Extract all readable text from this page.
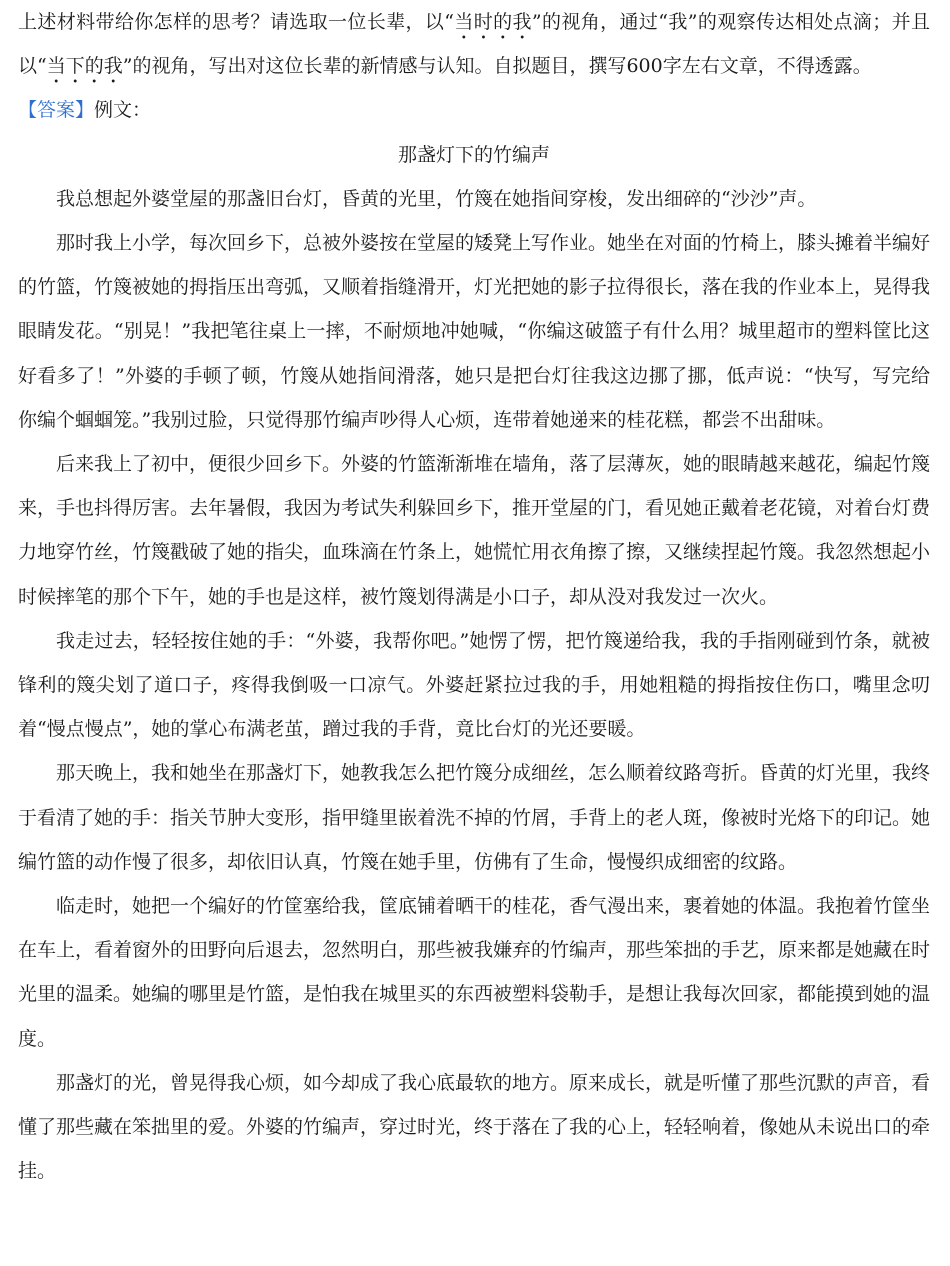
上述材料带给你怎样的思考？请选取一位长辈，以“当时的我”的视角，通过“我”的观察传达相处点滴；并且以“当下的我”的视角，写出对这位长辈的新情感与认知。自拟题目，撰写600字左右文章，不得透露。

【答案】例文：

那盏灯下的竹编声

我总想起外婆堂屋的那盏旧台灯，昏黄的光里，竹篾在她指间穿梭，发出细碎的“沙沙”声。

那时我上小学，每次回乡下，总被外婆按在堂屋的矮凳上写作业。她坐在对面的竹椅上，膝头摊着半编好的竹篮，竹篾被她的拇指压出弯弧，又顺着指缝滑开，灯光把她的影子拉得很长，落在我的作业本上，晃得我眼睛发花。“别晃！”我把笔往桌上一摔，不耐烦地冲她喊，“你编这破篮子有什么用？城里超市的塑料筐比这好看多了！”外婆的手顿了顿，竹篾从她指间滑落，她只是把台灯往我这边挪了挪，低声说：“快写，写完给你编个蝈蝈笼。”我别过脸，只觉得那竹编声吵得人心烦，连带着她递来的桂花糕，都尝不出甜味。

后来我上了初中，便很少回乡下。外婆的竹篮渐渐堆在墙角，落了层薄灰，她的眼睛越来越花，编起竹篾来，手也抖得厉害。去年暑假，我因为考试失利躲回乡下，推开堂屋的门，看见她正戴着老花镜，对着台灯费力地穿竹丝，竹篾戳破了她的指尖，血珠滴在竹条上，她慌忙用衣角擦了擦，又继续捏起竹篾。我忽然想起小时候摔笔的那个下午，她的手也是这样，被竹篾划得满是小口子，却从没对我发过一次火。

我走过去，轻轻按住她的手：“外婆，我帮你吧。”她愣了愣，把竹篾递给我，我的手指刚碰到竹条，就被锋利的篾尖划了道口子，疼得我倒吸一口凉气。外婆赶紧拉过我的手，用她粗糙的拇指按住伤口，嘴里念叨着“慢点慢点”，她的掌心布满老茧，蹭过我的手背，竟比台灯的光还要暖。

那天晚上，我和她坐在那盏灯下，她教我怎么把竹篾分成细丝，怎么顺着纹路弯折。昏黄的灯光里，我终于看清了她的手：指关节肿大变形，指甲缝里嵌着洗不掉的竹屑，手背上的老人斑，像被时光烙下的印记。她编竹篮的动作慢了很多，却依旧认真，竹篾在她手里，仿佛有了生命，慢慢织成细密的纹路。

临走时，她把一个编好的竹筐塞给我，筐底铺着晒干的桂花，香气漫出来，裹着她的体温。我抱着竹筐坐在车上，看着窗外的田野向后退去，忽然明白，那些被我嫌弃的竹编声，那些笨拙的手艺，原来都是她藏在时光里的温柔。她编的哪里是竹篮，是怕我在城里买的东西被塑料袋勒手，是想让我每次回家，都能摸到她的温度。

那盏灯的光，曾晃得我心烦，如今却成了我心底最软的地方。原来成长，就是听懂了那些沉默的声音，看懂了那些藏在笨拙里的爱。外婆的竹编声，穿过时光，终于落在了我的心上，轻轻响着，像她从未说出口的牵挂。
